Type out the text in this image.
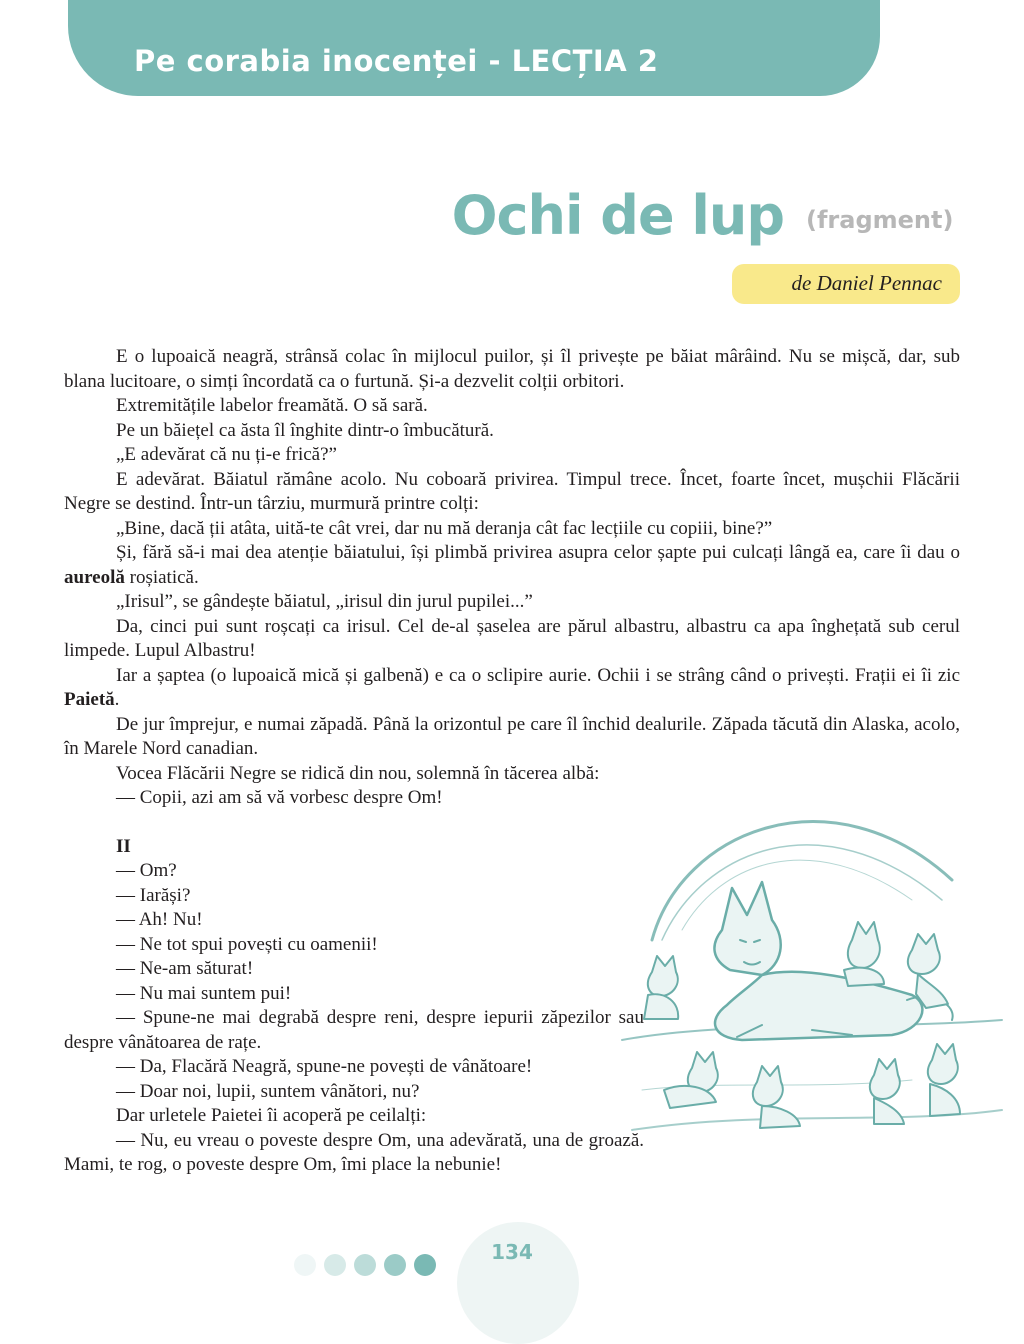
Pe corabia inocenței - LECȚIA 2
Ochi de lup (fragment)
de Daniel Pennac

E o lupoaică neagră, strânsă colac în mijlocul puilor, și îl privește pe băiat mârâind. Nu se mișcă, dar, sub blana lucitoare, o simți încordată ca o furtună. Și-a dezvelit colții orbitori.

Extremitățile labelor freamătă. O să sară.

Pe un băiețel ca ăsta îl înghite dintr-o îmbucătură.

„E adevărat că nu ți-e frică?”

E adevărat. Băiatul rămâne acolo. Nu coboară privirea. Timpul trece. Încet, foarte încet, mușchii Flăcării Negre se destind. Într-un târziu, murmură printre colți:

„Bine, dacă ții atâta, uită-te cât vrei, dar nu mă deranja cât fac lecțiile cu copiii, bine?”

Și, fără să-i mai dea atenție băiatului, își plimbă privirea asupra celor șapte pui culcați lângă ea, care îi dau o aureolă roșiatică.

„Irisul”, se gândește băiatul, „irisul din jurul pupilei...”

Da, cinci pui sunt roșcați ca irisul. Cel de-al șaselea are părul albastru, albastru ca apa înghețată sub cerul limpede. Lupul Albastru!

Iar a șaptea (o lupoaică mică și galbenă) e ca o sclipire aurie. Ochii i se strâng când o privești. Frații ei îi zic Paietă.

De jur împrejur, e numai zăpadă. Până la orizontul pe care îl închid dealurile. Zăpada tăcută din Alaska, acolo, în Marele Nord canadian.

Vocea Flăcării Negre se ridică din nou, solemnă în tăcerea albă:

— Copii, azi am să vă vorbesc despre Om!

II

— Om?

— Iarăși?

— Ah! Nu!

— Ne tot spui povești cu oamenii!

— Ne-am săturat!

— Nu mai suntem pui!

— Spune-ne mai degrabă despre reni, despre iepurii zăpezilor sau despre vânătoarea de rațe.

— Da, Flacără Neagră, spune-ne povești de vânătoare!

— Doar noi, lupii, suntem vânători, nu?

Dar urletele Paietei îi acoperă pe ceilalți:

— Nu, eu vreau o poveste despre Om, una adevărată, una de groază. Mami, te rog, o poveste despre Om, îmi place la nebunie!

134
